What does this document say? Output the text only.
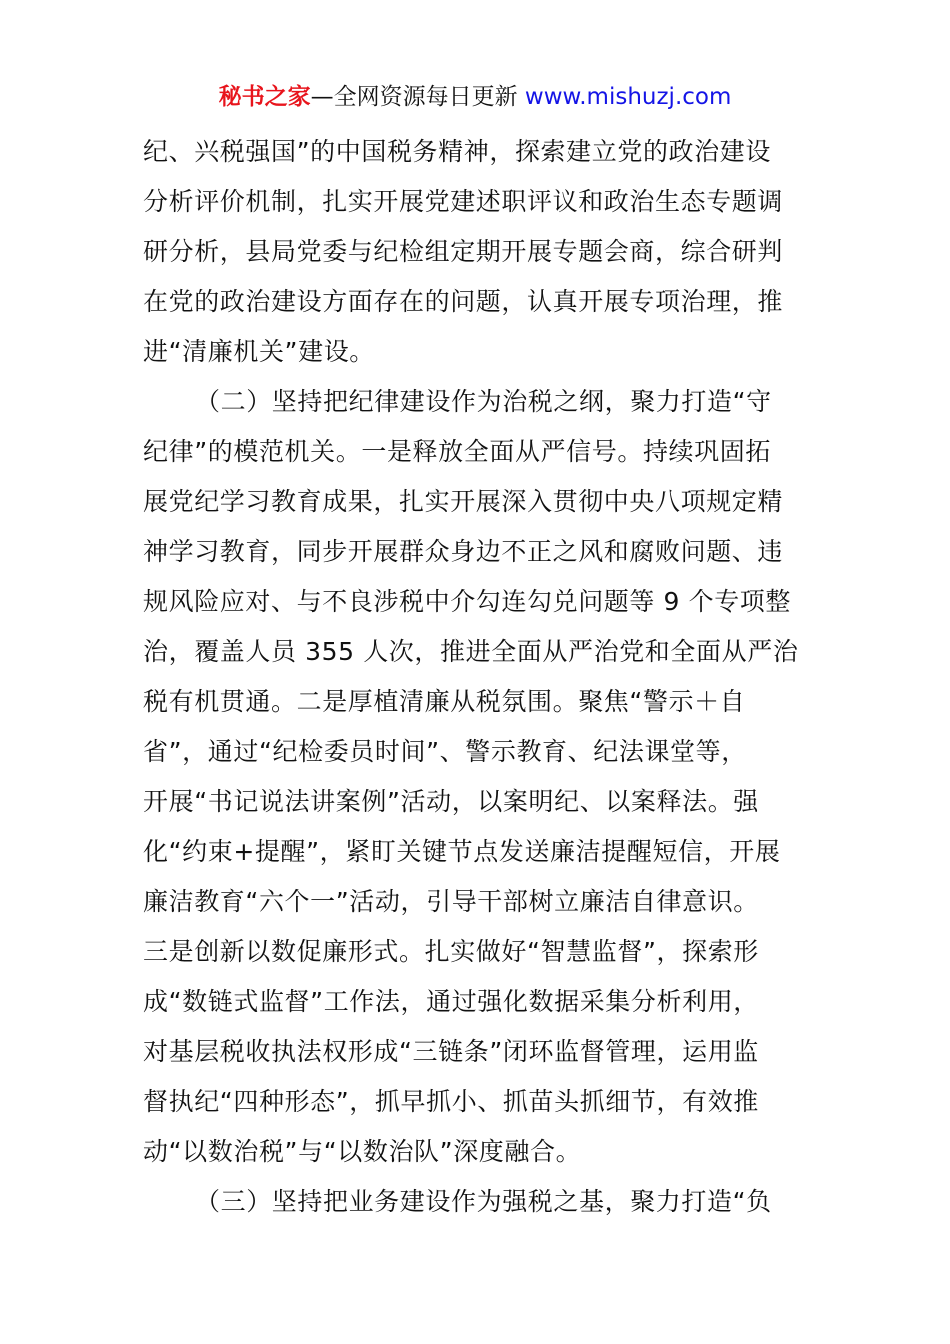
秘书之家—全网资源每日更新 www.mishuzj.com
纪、兴税强国”的中国税务精神，探索建立党的政治建设
分析评价机制，扎实开展党建述职评议和政治生态专题调
研分析，县局党委与纪检组定期开展专题会商，综合研判
在党的政治建设方面存在的问题，认真开展专项治理，推
进“清廉机关”建设。
（二）坚持把纪律建设作为治税之纲，聚力打造“守
纪律”的模范机关。一是释放全面从严信号。持续巩固拓
展党纪学习教育成果，扎实开展深入贯彻中央八项规定精
神学习教育，同步开展群众身边不正之风和腐败问题、违
规风险应对、与不良涉税中介勾连勾兑问题等 9 个专项整
治，覆盖人员 355 人次，推进全面从严治党和全面从严治
税有机贯通。二是厚植清廉从税氛围。聚焦“警示＋自
省”，通过“纪检委员时间”、警示教育、纪法课堂等，
开展“书记说法讲案例”活动，以案明纪、以案释法。强
化“约束+提醒”，紧盯关键节点发送廉洁提醒短信，开展
廉洁教育“六个一”活动，引导干部树立廉洁自律意识。
三是创新以数促廉形式。扎实做好“智慧监督”，探索形
成“数链式监督”工作法，通过强化数据采集分析利用，
对基层税收执法权形成“三链条”闭环监督管理，运用监
督执纪“四种形态”，抓早抓小、抓苗头抓细节，有效推
动“以数治税”与“以数治队”深度融合。
（三）坚持把业务建设作为强税之基，聚力打造“负
